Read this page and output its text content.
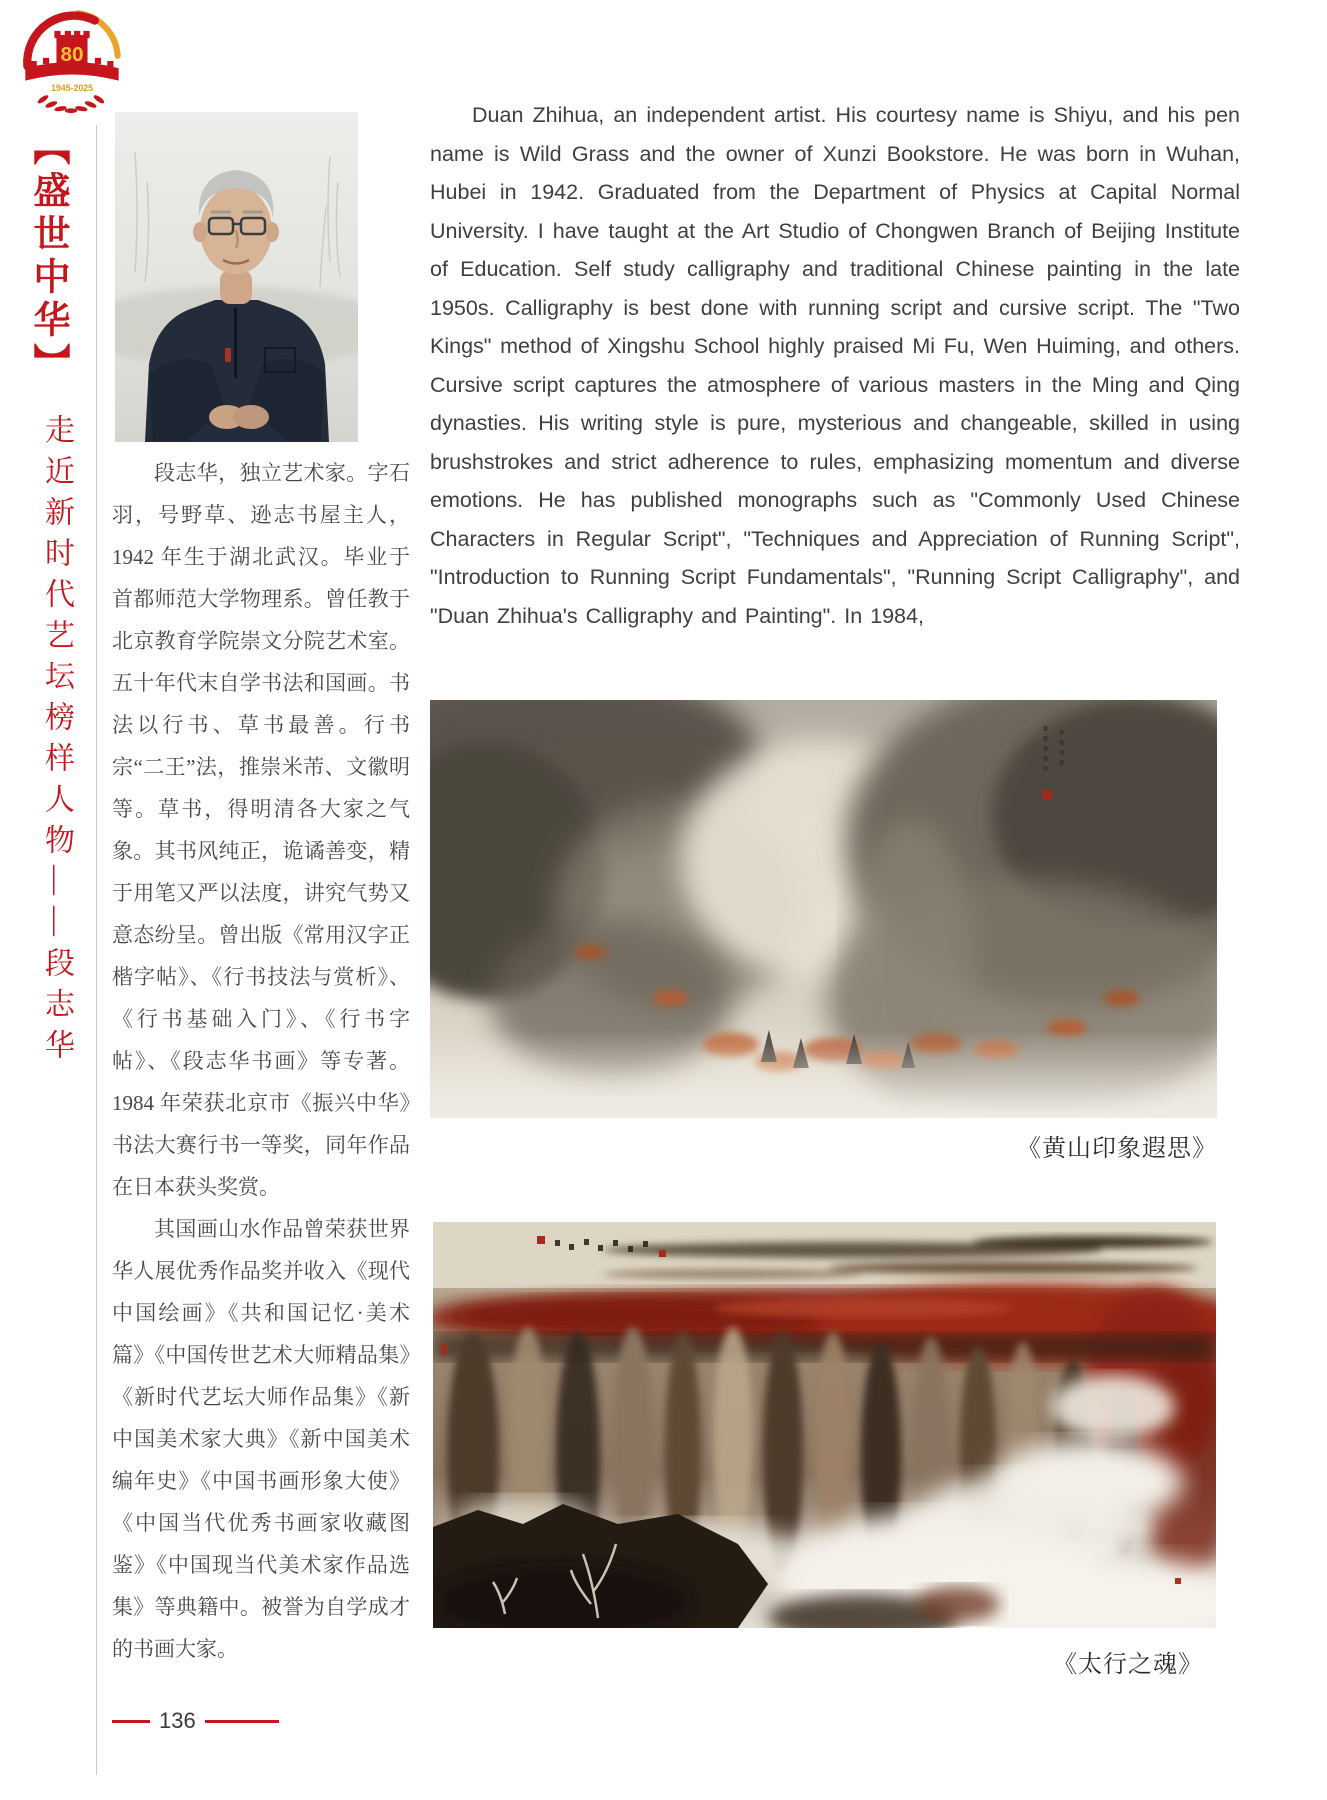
80
1945-2025
【盛世中华】
走近新时代艺坛榜样人物——段志华	段志华，独立艺术家。字石羽，号野草、逊志书屋主人，1942 年生于湖北武汉。毕业于首都师范大学物理系。曾任教于北京教育学院崇文分院艺术室。五十年代末自学书法和国画。书法以行书、草书最善。行书宗“二王”法，推崇米芾、文徽明等。草书，得明清各大家之气象。其书风纯正，诡谲善变，精于用笔又严以法度，讲究气势又意态纷呈。曾出版《常用汉字正楷字帖》、《行书技法与赏析》、《行书基础入门》、《行书字帖》、《段志华书画》等专著。1984 年荣获北京市《振兴中华》书法大赛行书一等奖，同年作品在日本获头奖赏。

其国画山水作品曾荣获世界华人展优秀作品奖并收入《现代中国绘画》《共和国记忆·美术篇》《中国传世艺术大师精品集》《新时代艺坛大师作品集》《新中国美术家大典》《新中国美术编年史》《中国书画形象大使》《中国当代优秀书画家收藏图鉴》《中国现当代美术家作品选集》等典籍中。被誉为自学成才的书画大家。

Duan Zhihua, an independent artist. His courtesy name is Shiyu, and his pen name is Wild Grass and the owner of Xunzi Bookstore. He was born in Wuhan, Hubei in 1942. Graduated from the Department of Physics at Capital Normal University. I have taught at the Art Studio of Chongwen Branch of Beijing Institute of Education. Self study calligraphy and traditional Chinese painting in the late 1950s. Calligraphy is best done with running script and cursive script. The "Two Kings" method of Xingshu School highly praised Mi Fu, Wen Huiming, and others. Cursive script captures the atmosphere of various masters in the Ming and Qing dynasties. His writing style is pure, mysterious and changeable, skilled in using brushstrokes and strict adherence to rules, emphasizing momentum and diverse emotions. He has published monographs such as "Commonly Used Chinese Characters in Regular Script", "Techniques and Appreciation of Running Script", "Introduction to Running Script Fundamentals", "Running Script Calligraphy", and "Duan Zhihua's Calligraphy and Painting". In 1984,
《黄山印象遐思》
《太行之魂》
136
